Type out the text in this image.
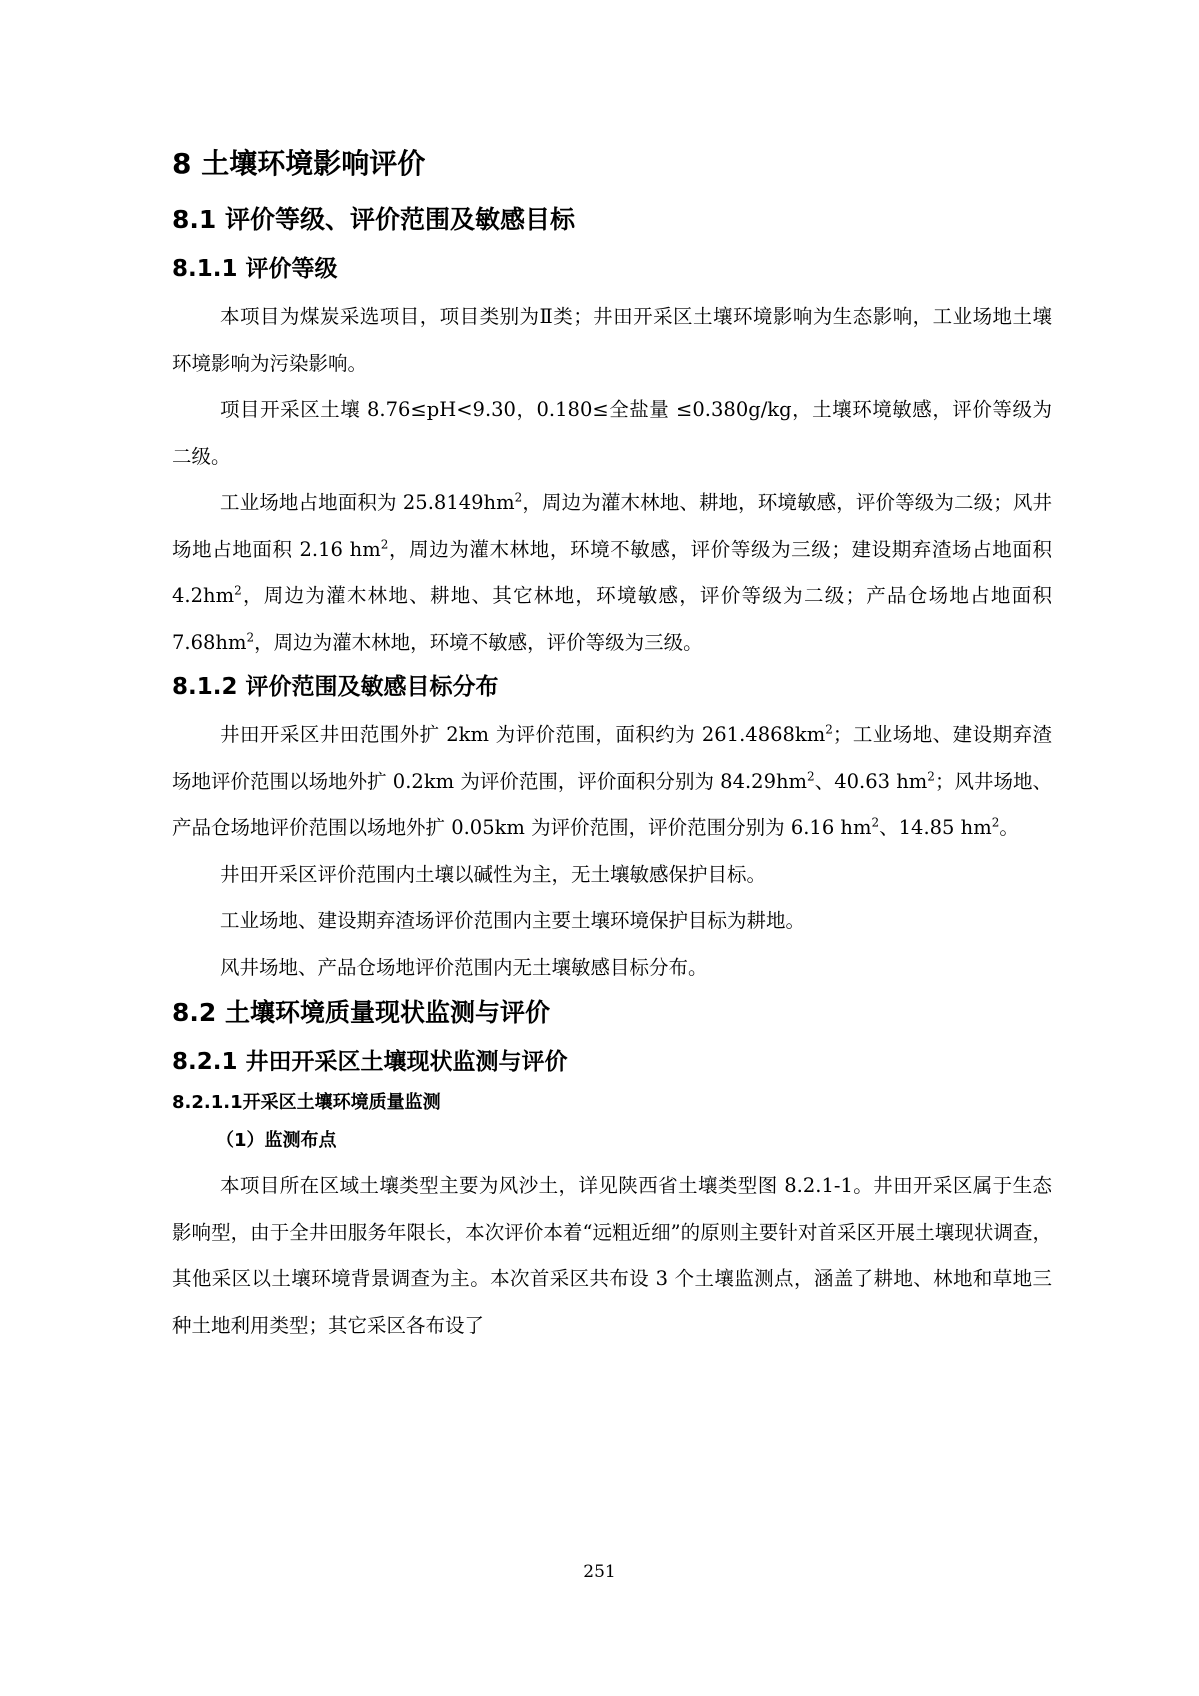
8 土壤环境影响评价
8.1 评价等级、评价范围及敏感目标
8.1.1 评价等级

本项目为煤炭采选项目，项目类别为Ⅱ类；井田开采区土壤环境影响为生态影响，工业场地土壤环境影响为污染影响。

项目开采区土壤 8.76≤pH<9.30，0.180≤全盐量 ≤0.380g/kg，土壤环境敏感，评价等级为二级。

工业场地占地面积为 $25.8149hm^2$，周边为灌木林地、耕地，环境敏感，评价等级为二级；风井场地占地面积 2.16 $hm^2$，周边为灌木林地，环境不敏感，评价等级为三级；建设期弃渣场占地面积 $4.2hm^2$，周边为灌木林地、耕地、其它林地，环境敏感，评价等级为二级；产品仓场地占地面积 $7.68hm^2$，周边为灌木林地，环境不敏感，评价等级为三级。

8.1.2 评价范围及敏感目标分布

井田开采区井田范围外扩 2km 为评价范围，面积约为 $261.4868km^2$；工业场地、建设期弃渣场地评价范围以场地外扩 0.2km 为评价范围，评价面积分别为 $84.29hm^2$、40.63 $hm^2$；风井场地、产品仓场地评价范围以场地外扩 0.05km 为评价范围，评价范围分别为 6.16 $hm^2$、14.85 $hm^2$。

井田开采区评价范围内土壤以碱性为主，无土壤敏感保护目标。

工业场地、建设期弃渣场评价范围内主要土壤环境保护目标为耕地。

风井场地、产品仓场地评价范围内无土壤敏感目标分布。

8.2 土壤环境质量现状监测与评价
8.2.1 井田开采区土壤现状监测与评价
8.2.1.1开采区土壤环境质量监测
（1）监测布点

本项目所在区域土壤类型主要为风沙土，详见陕西省土壤类型图 8.2.1-1。井田开采区属于生态影响型，由于全井田服务年限长，本次评价本着“远粗近细”的原则主要针对首采区开展土壤现状调查，其他采区以土壤环境背景调查为主。本次首采区共布设 3 个土壤监测点，涵盖了耕地、林地和草地三种土地利用类型；其它采区各布设了

251
